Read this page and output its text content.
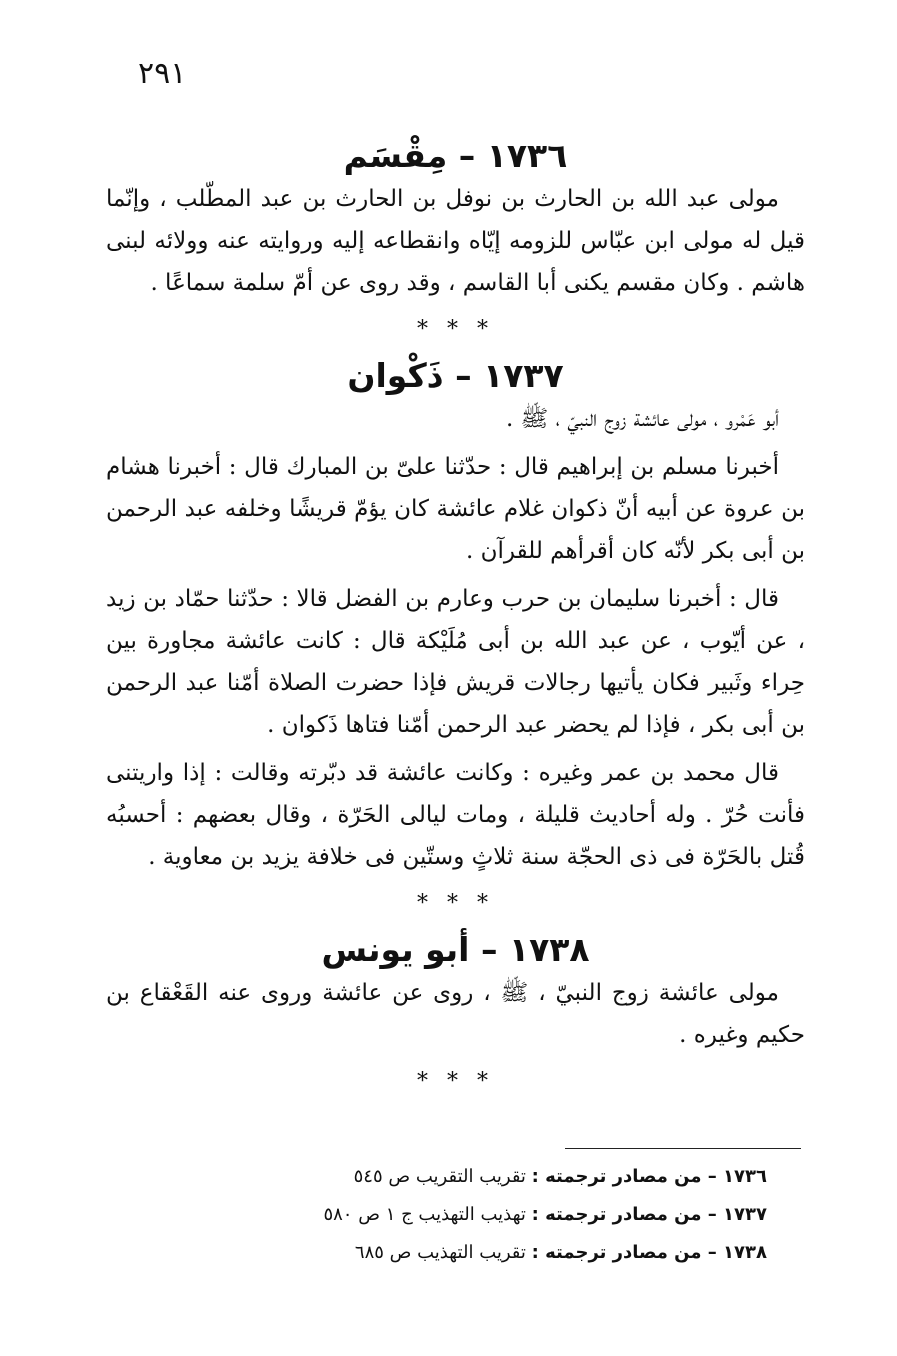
٢٩١
١٧٣٦ – مِقْسَم

مولى عبد الله بن الحارث بن نوفل بن الحارث بن عبد المطّلب ، وإنّما قيل له مولى ابن عبّاس للزومه إيّاه وانقطاعه إليه وروايته عنه وولائه لبنى هاشم . وكان مقسم يكنى أبا القاسم ، وقد روى عن أمّ سلمة سماعًا .

* * *
١٧٣٧ – ذَكْوان

أبو عَمْرو ، مولى عائشة زوج النبيّ ، ﷺ .

أخبرنا مسلم بن إبراهيم قال : حدّثنا علىّ بن المبارك قال : أخبرنا هشام بن عروة عن أبيه أنّ ذكوان غلام عائشة كان يؤمّ قريشًا وخلفه عبد الرحمن بن أبى بكر لأنّه كان أقرأهم للقرآن .

قال : أخبرنا سليمان بن حرب وعارم بن الفضل قالا : حدّثنا حمّاد بن زيد ، عن أيّوب ، عن عبد الله بن أبى مُلَيْكة قال : كانت عائشة مجاورة بين حِراء وثَبير فكان يأتيها رجالات قريش فإذا حضرت الصلاة أمّنا عبد الرحمن بن أبى بكر ، فإذا لم يحضر عبد الرحمن أمّنا فتاها ذَكوان .

قال محمد بن عمر وغيره : وكانت عائشة قد دبّرته وقالت : إذا واريتنى فأنت حُرّ . وله أحاديث قليلة ، ومات ليالى الحَرّة ، وقال بعضهم : أحسبُه قُتل بالحَرّة فى ذى الحجّة سنة ثلاثٍ وستّين فى خلافة يزيد بن معاوية .

* * *
١٧٣٨ – أبو يونس

مولى عائشة زوج النبيّ ، ﷺ ، روى عن عائشة وروى عنه القَعْقاع بن حكيم وغيره .

* * *

١٧٣٦ – من مصادر ترجمته : تقريب التقريب ص ٥٤٥

١٧٣٧ – من مصادر ترجمته : تهذيب التهذيب ج ١ ص ٥٨٠

١٧٣٨ – من مصادر ترجمته : تقريب التهذيب ص ٦٨٥
